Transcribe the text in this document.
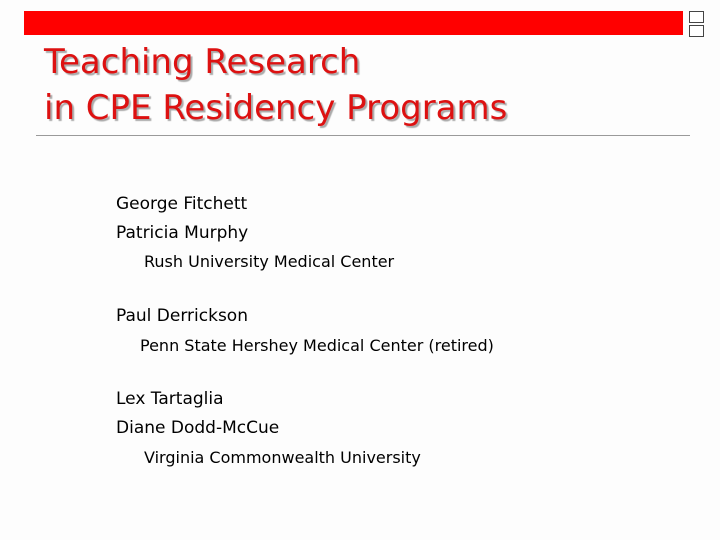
Teaching Research
in CPE Residency Programs
George Fitchett
Patricia Murphy
Rush University Medical Center
Paul Derrickson
Penn State Hershey Medical Center (retired)
Lex Tartaglia
Diane Dodd-McCue
Virginia Commonwealth University
